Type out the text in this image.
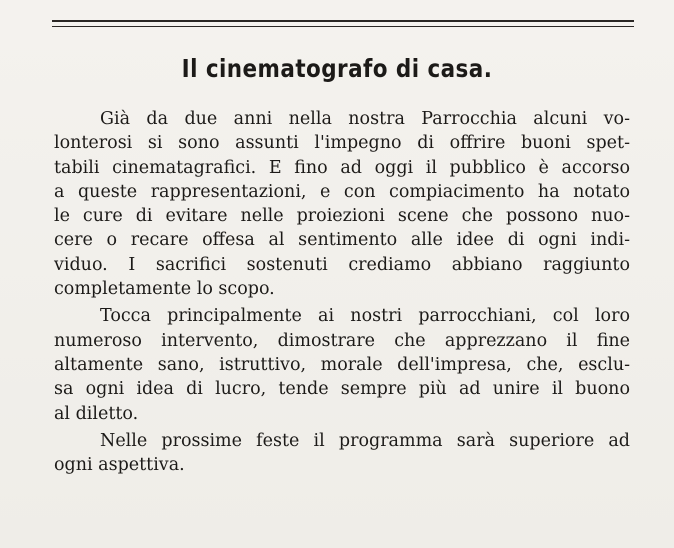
Il cinematografo di casa.
Già da due anni nella nostra Parrocchia alcuni vo-
lonterosi si sono assunti l'impegno di offrire buoni spet-
tabili cinematagrafici. E fino ad oggi il pubblico è accorso
a queste rappresentazioni, e con compiacimento ha notato
le cure di evitare nelle proiezioni scene che possono nuo-
cere o recare offesa al sentimento alle idee di ogni indi-
viduo. I sacrifici sostenuti crediamo abbiano raggiunto
completamente lo scopo.
Tocca principalmente ai nostri parrocchiani, col loro
numeroso intervento, dimostrare che apprezzano il fine
altamente sano, istruttivo, morale dell'impresa, che, esclu-
sa ogni idea di lucro, tende sempre più ad unire il buono
al diletto.
Nelle prossime feste il programma sarà superiore ad
ogni aspettiva.
